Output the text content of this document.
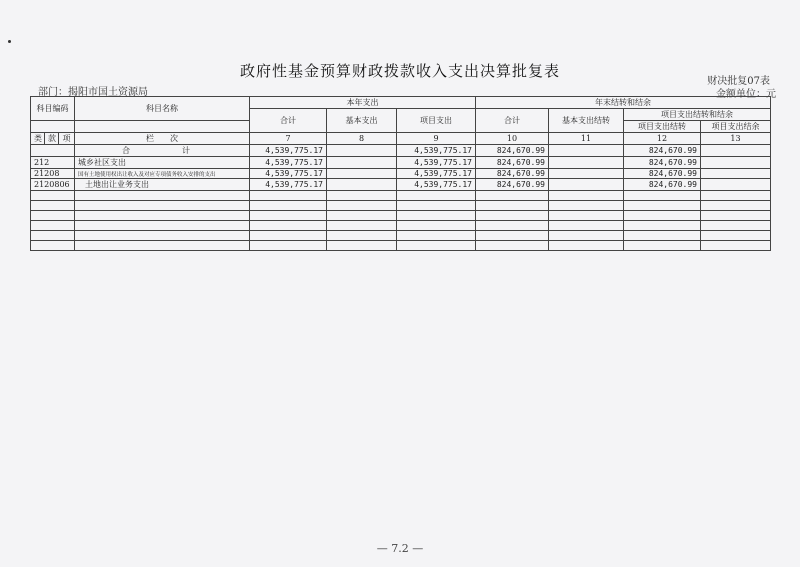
政府性基金预算财政拨款收入支出决算批复表
财决批复07表
部门：揭阳市国土资源局	金额单位：元
科目编码			科目名称	本年支出			年末结转和结余			
				合计	基本支出	项目支出	合计	基本支出结转	项目支出结转和结余	
									项目支出结转	项目支出结余
类	款	项	栏　　次	7	8	9	10	11	12	13
			合　　计	4,539,775.17		4,539,775.17	824,670.99		824,670.99	
212			城乡社区支出	4,539,775.17		4,539,775.17	824,670.99		824,670.99	
21208			国有土地使用权出让收入及对应专项债务收入安排的支出	4,539,775.17		4,539,775.17	824,670.99		824,670.99	
2120806			土地出让业务支出	4,539,775.17		4,539,775.17	824,670.99		824,670.99	

— 7.2 —
